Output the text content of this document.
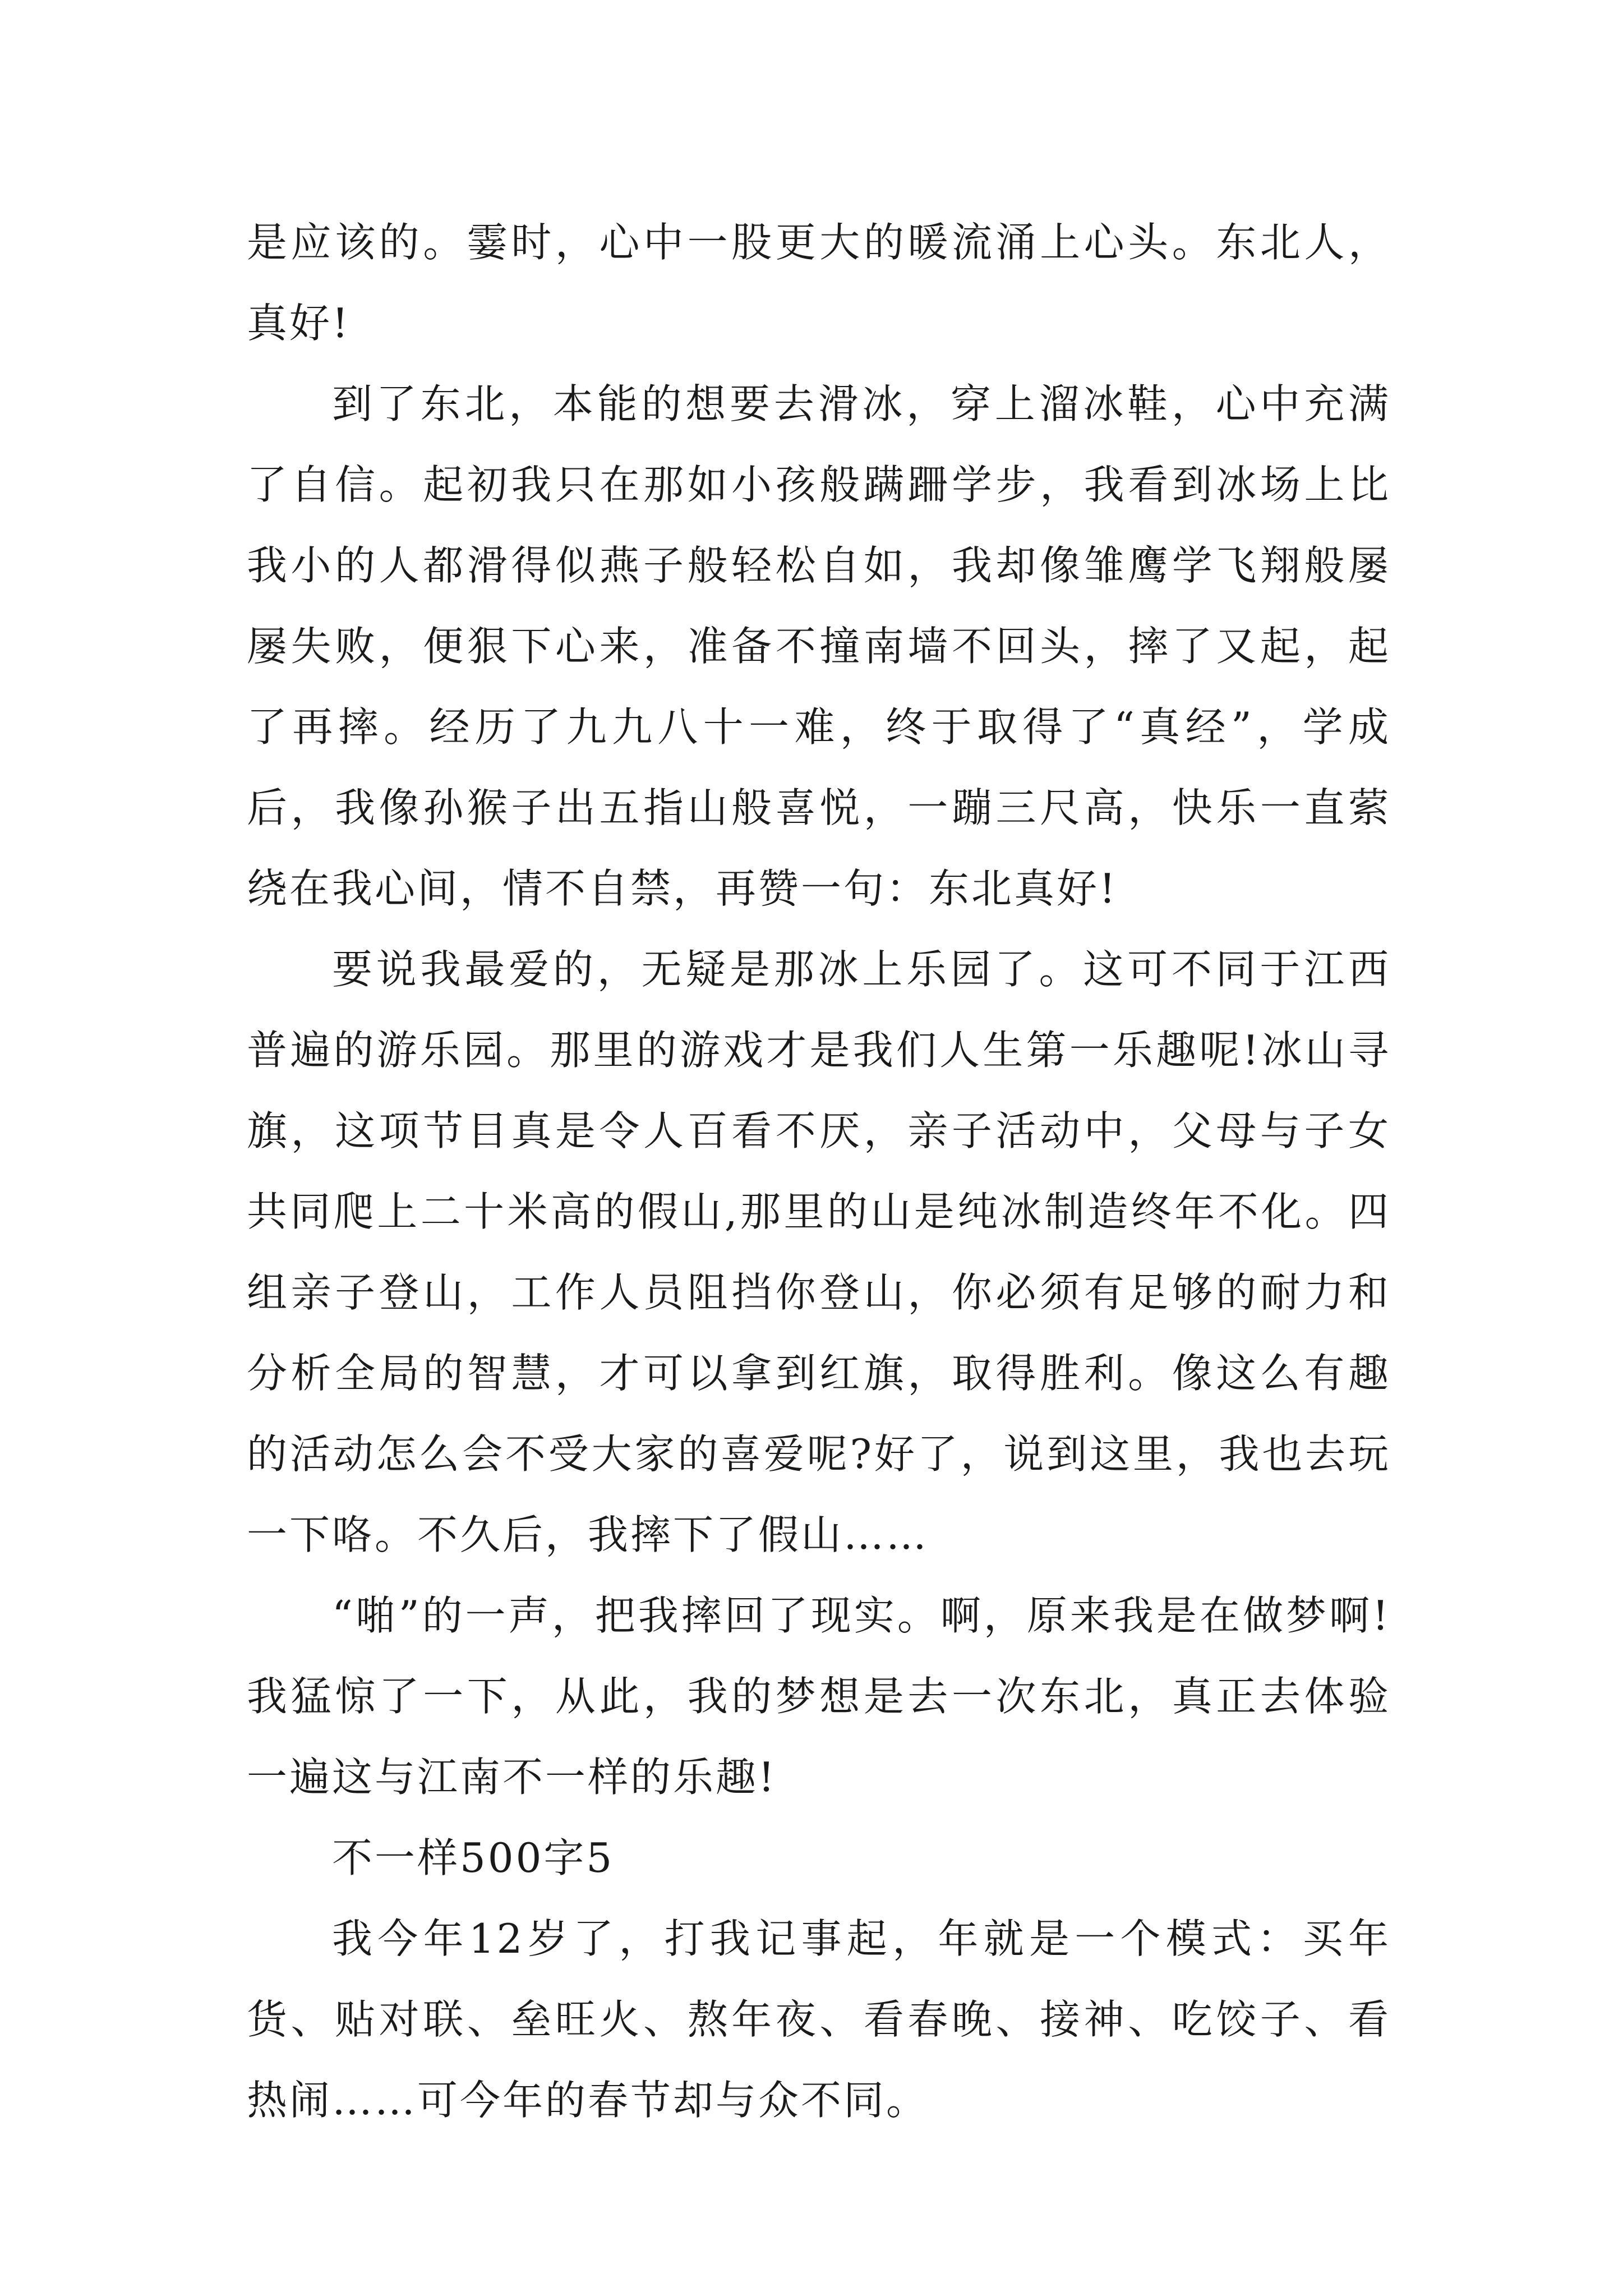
是应该的。霎时，心中一股更大的暖流涌上心头。东北人，真好!

到了东北，本能的想要去滑冰，穿上溜冰鞋，心中充满了自信。起初我只在那如小孩般蹒跚学步，我看到冰场上比我小的人都滑得似燕子般轻松自如，我却像雏鹰学飞翔般屡屡失败，便狠下心来，准备不撞南墙不回头，摔了又起，起了再摔。经历了九九八十一难，终于取得了“真经”，学成后，我像孙猴子出五指山般喜悦，一蹦三尺高，快乐一直萦绕在我心间，情不自禁，再赞一句：东北真好!

要说我最爱的，无疑是那冰上乐园了。这可不同于江西普遍的游乐园。那里的游戏才是我们人生第一乐趣呢!冰山寻旗，这项节目真是令人百看不厌，亲子活动中，父母与子女共同爬上二十米高的假山,那里的山是纯冰制造终年不化。四组亲子登山，工作人员阻挡你登山，你必须有足够的耐力和分析全局的智慧，才可以拿到红旗，取得胜利。像这么有趣的活动怎么会不受大家的喜爱呢?好了，说到这里，我也去玩一下咯。不久后，我摔下了假山……

“啪”的一声，把我摔回了现实。啊，原来我是在做梦啊!我猛惊了一下，从此，我的梦想是去一次东北，真正去体验一遍这与江南不一样的乐趣!

不一样500字5

我今年12岁了，打我记事起，年就是一个模式：买年货、贴对联、垒旺火、熬年夜、看春晚、接神、吃饺子、看热闹……可今年的春节却与众不同。
